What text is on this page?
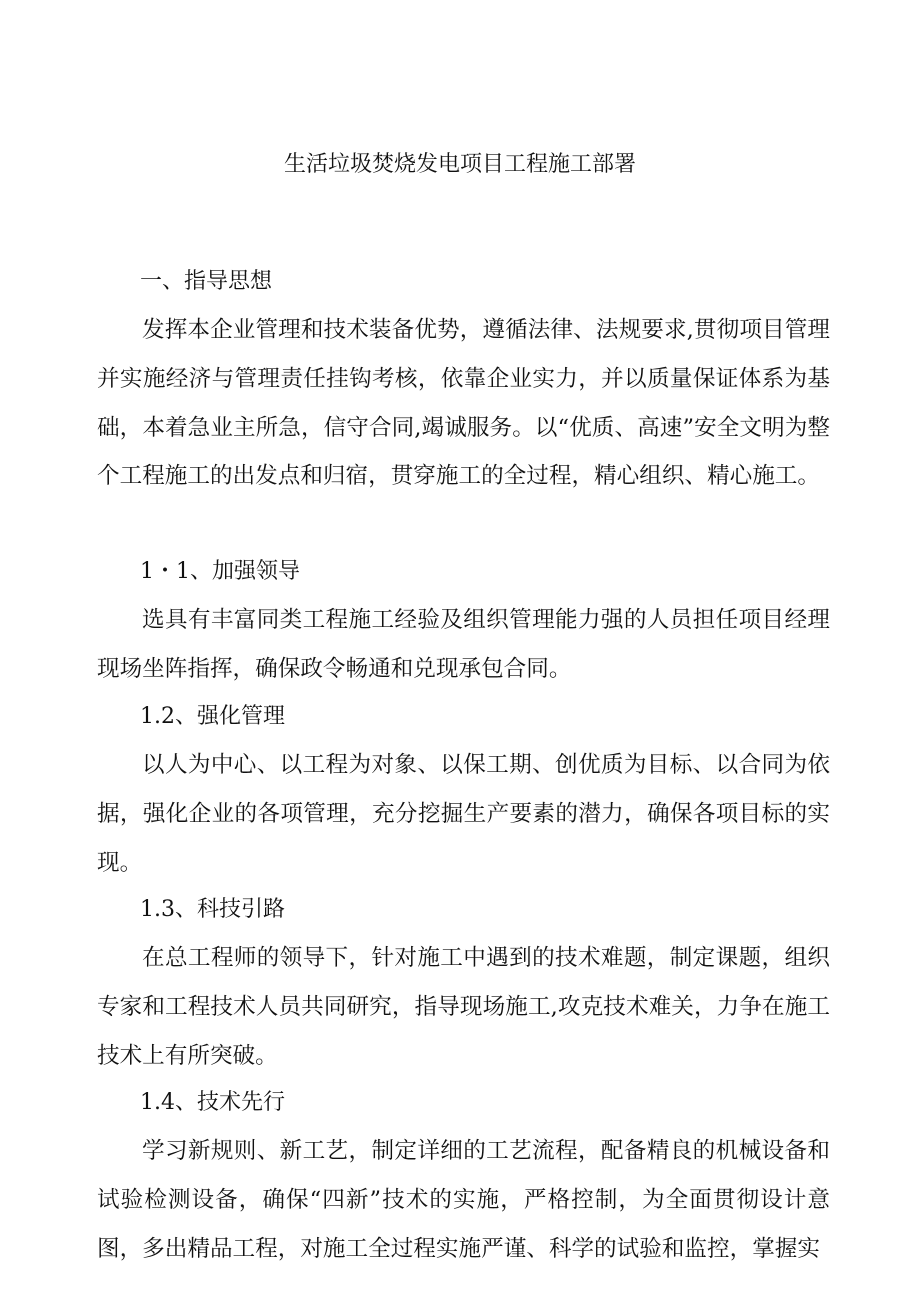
生活垃圾焚烧发电项目工程施工部署
一、指导思想

发挥本企业管理和技术装备优势，遵循法律、法规要求,贯彻项目管理并实施经济与管理责任挂钩考核，依靠企业实力，并以质量保证体系为基础，本着急业主所急，信守合同,竭诚服务。以“优质、高速”安全文明为整个工程施工的出发点和归宿，贯穿施工的全过程，精心组织、精心施工。

1・1、加强领导

选具有丰富同类工程施工经验及组织管理能力强的人员担任项目经理现场坐阵指挥，确保政令畅通和兑现承包合同。

1.2、强化管理

以人为中心、以工程为对象、以保工期、创优质为目标、以合同为依据，强化企业的各项管理，充分挖掘生产要素的潜力，确保各项目标的实现。

1.3、科技引路

在总工程师的领导下，针对施工中遇到的技术难题，制定课题，组织专家和工程技术人员共同研究，指导现场施工,攻克技术难关，力争在施工技术上有所突破。

1.4、技术先行

学习新规则、新工艺，制定详细的工艺流程，配备精良的机械设备和试验检测设备，确保“四新”技术的实施，严格控制，为全面贯彻设计意图，多出精品工程，对施工全过程实施严谨、科学的试验和监控，掌握实
